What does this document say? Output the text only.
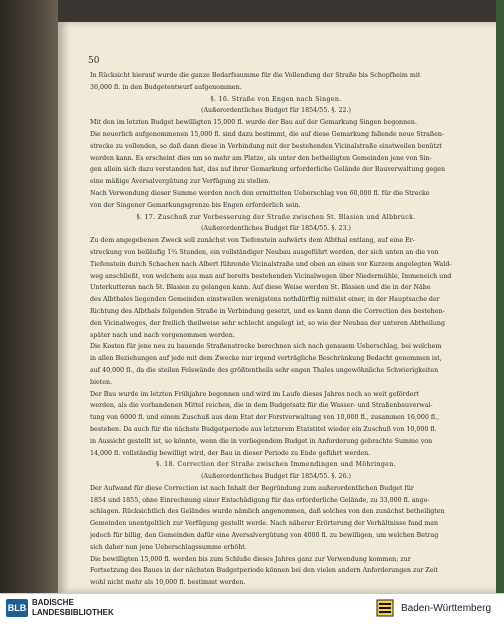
50
In Rücksicht hierauf wurde die ganze Bedarfssumme für die Vollendung der Straße bis Schopfheim mit
36,000 fl. in den Budgetentwurf aufgenommen.
§. 16. Straße von Engen nach Singen.
(Außerordentliches Budget für 1854/55. §. 22.)
Mit den im letzten Budget bewilligten 15,000 fl. wurde der Bau auf der Gemarkung Singen begonnen.
Die neuerlich aufgenommenen 15,000 fl. sind dazu bestimmt, die auf diese Gemarkung fallende neue Straßen-
strecke zu vollenden, so daß dann diese in Verbindung mit der bestehenden Vicinalstraße einstweilen benützt
werden kann. Es erscheint dies um so mehr am Platze, als unter den betheiligten Gemeinden jene von Sin-
gen allein sich dazu verstanden hat, das auf ihrer Gemarkung erforderliche Gelände der Bauverwaltung gegen
eine mäßige Aversalvergütung zur Verfügung zu stellen.
Nach Verwendung dieser Summe werden noch den ermittelten Ueberschlag von 60,000 fl. für die Strecke
von der Singener Gemarkungsgrenze bis Engen erforderlich sein.
§. 17. Zuschuß zur Verbesserung der Straße zwischen St. Blasien und Albbruck.
(Außerordentliches Budget für 1854/55. §. 23.)
Zu dem angegebenen Zweck soll zunächst von Tiefenstein aufwärts dem Albthal entlang, auf eine Er-
streckung von beiläufig 1¾ Stunden, ein vollständiger Neubau ausgeführt werden, der sich unten an die von
Tiefenstein durch Schachen nach Albert führende Vicinalstraße und oben an einen vor Kurzem angelegten Wald-
weg anschließt, von welchem aus man auf bereits bestehenden Vicinalwegen über Niedermühle, Immeneich und
Unterkutteran nach St. Blasien zu gelangen kann. Auf diese Weise werden St. Blasien und die in der Nähe
des Albthales liegenden Gemeinden einstweilen wenigstens nothdürftig mittelst einer, in der Hauptsache der
Richtung des Albthals folgenden Straße in Verbindung gesetzt, und es kann dann die Correction des bestehen-
den Vicinalweges, der freilich theilweise sehr schlecht angelegt ist, so wie der Neubau der unteren Abtheilung
später nach und nach vorgenommen werden.
Die Kosten für jene neu zu bauende Straßenstrecke berechnen sich nach genauem Ueberschlag, bei welchem
in allen Beziehungen auf jede mit dem Zwecke nur irgend verträgliche Beschränkung Bedacht genommen ist,
auf 40,000 fl., da die steilen Felswände des größtentheils sehr engen Thales ungewöhnliche Schwierigkeiten
bieten.
Der Bau wurde im letzten Frühjahre begonnen und wird im Laufe dieses Jahres noch so weit gefördert
werden, als die vorhandenen Mittel reichen, die in dem Budgetsatz für die Wasser- und Straßenbauverwal-
tung von 6000 fl. und einem Zuschuß aus dem Etat der Forstverwaltung von 10,000 fl., zusammen 16,000 fl.,
bestehen. Da auch für die nächste Budgetperiode aus letzterem Etatstitel wieder ein Zuschuß von 10,000 fl.
in Aussicht gestellt ist, so könnte, wenn die in vorliegendem Budget in Anforderung gebrachte Summe von
14,000 fl. vollständig bewilligt wird, der Bau in dieser Periode zu Ende geführt werden.
§. 18. Correction der Straße zwischen Immendingen und Möhringen.
(Außerordentliches Budget für 1854/55. §. 26.)
Der Aufwand für diese Correction ist nach Inhalt der Begründung zum außerordentlichen Budget für
1854 und 1855, ohne Einrechnung einer Entschädigung für das erforderliche Gelände, zu 33,000 fl. ange-
schlagen. Rücksichtlich des Geländes wurde nämlich angenommen, daß solches von den zunächst betheiligten
Gemeinden unentgeltlich zur Verfügung gestellt werde. Nach näherer Erörterung der Verhältnisse fand man
jedoch für billig, den Gemeinden dafür eine Aversalvergütung von 4000 fl. zu bewilligen, um welchen Betrag
sich daher nun jene Ueberschlagssumme erhöht.
Die bewilligten 15,000 fl. werden bis zum Schluße dieses Jahres ganz zur Verwendung kommen; zur
Fortsetzung des Baues in der nächsten Budgetperiode können bei den vielen andern Anforderungen zur Zeit
wohl nicht mehr als 10,000 fl. bestimmt werden.
BLB
BADISCHE
LANDESBIBLIOTHEK	Baden-Württemberg
